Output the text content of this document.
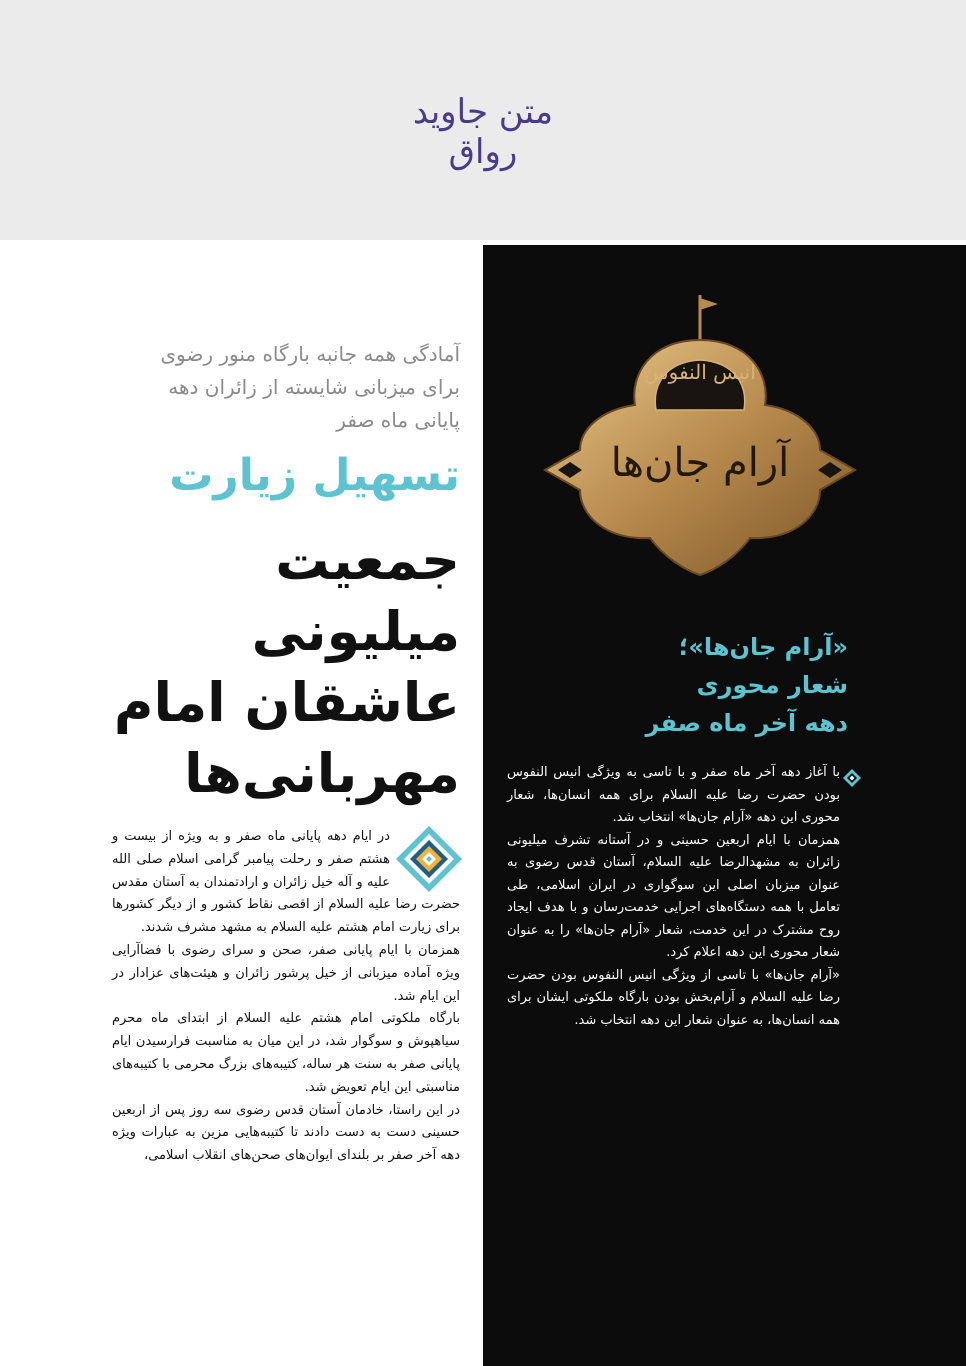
متن جاوید رواق
انیس النفوس
آرام جان‌ها
«آرام جان‌ها»؛
شعار محوری
دهه آخر ماه صفر

با آغاز دهه آخر ماه صفر و با تاسی به ویژگی انیس النفوس بودن حضرت رضا علیه السلام برای همه انسان‌ها، شعار محوری این دهه «آرام جان‌ها» انتخاب شد.

همزمان با ایام اربعین حسینی و در آستانه تشرف میلیونی زائران به مشهدالرضا علیه السلام، آستان قدس رضوی به عنوان میزبان اصلی این سوگواری در ایران اسلامی، طی تعامل با همه دستگاه‌های اجرایی خدمت‌رسان و با هدف ایجاد روح مشترک در این خدمت، شعار «آرام جان‌ها» را به عنوان شعار محوری این دهه اعلام کرد.

«آرام جان‌ها» با تاسی از ویژگی انیس النفوس بودن حضرت رضا علیه السلام و آرام‌بخش بودن بارگاه ملکوتی ایشان برای همه انسان‌ها، به عنوان شعار این دهه انتخاب شد.

آمادگی همه جانبه بارگاه منور رضوی برای میزبانی شایسته از زائران دهه پایانی ماه صفر
تسهیل زیارت
جمعیت
میلیونی
عاشقان امام
مهربانی‌ها

در ایام دهه پایانی ماه صفر و به ویژه از بیست و هشتم صفر و رحلت پیامبر گرامی اسلام صلی الله علیه و آله خیل زائران و ارادتمندان به آستان مقدس حضرت رضا علیه السلام از اقصی نقاط کشور و از دیگر کشورها برای زیارت امام هشتم علیه السلام به مشهد مشرف شدند.

همزمان با ایام پایانی صفر، صحن و سرای رضوی با فضاآرایی ویژه آماده میزبانی از خیل پرشور زائران و هیئت‌های عزادار در این ایام شد.

بارگاه ملکوتی امام هشتم علیه السلام از ابتدای ماه محرم سیاهپوش و سوگوار شد، در این میان به مناسبت فرارسیدن ایام پایانی صفر به سنت هر ساله، کتیبه‌های بزرگ محرمی با کتیبه‌های مناسبتی این ایام تعویض شد.

در این راستا، خادمان آستان قدس رضوی سه روز پس از اربعین حسینی دست به دست دادند تا کتیبه‌هایی مزین به عبارات ویژه دهه آخر صفر بر بلندای ایوان‌های صحن‌های انقلاب اسلامی،
